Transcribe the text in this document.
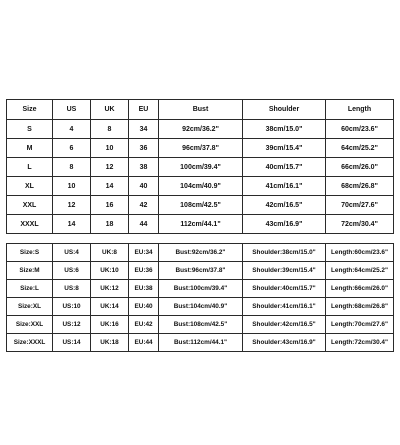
Size	US	UK	EU	Bust	Shoulder	Length
S	4	8	34	92cm/36.2"	38cm/15.0"	60cm/23.6"
M	6	10	36	96cm/37.8"	39cm/15.4"	64cm/25.2"
L	8	12	38	100cm/39.4"	40cm/15.7"	66cm/26.0"
XL	10	14	40	104cm/40.9"	41cm/16.1"	68cm/26.8"
XXL	12	16	42	108cm/42.5"	42cm/16.5"	70cm/27.6"
XXXL	14	18	44	112cm/44.1"	43cm/16.9"	72cm/30.4"
Size:S	US:4	UK:8	EU:34	Bust:92cm/36.2"	Shoulder:38cm/15.0"	Length:60cm/23.6"
Size:M	US:6	UK:10	EU:36	Bust:96cm/37.8"	Shoulder:39cm/15.4"	Length:64cm/25.2"
Size:L	US:8	UK:12	EU:38	Bust:100cm/39.4"	Shoulder:40cm/15.7"	Length:66cm/26.0"
Size:XL	US:10	UK:14	EU:40	Bust:104cm/40.9"	Shoulder:41cm/16.1"	Length:68cm/26.8"
Size:XXL	US:12	UK:16	EU:42	Bust:108cm/42.5"	Shoulder:42cm/16.5"	Length:70cm/27.6"
Size:XXXL	US:14	UK:18	EU:44	Bust:112cm/44.1"	Shoulder:43cm/16.9"	Length:72cm/30.4"
